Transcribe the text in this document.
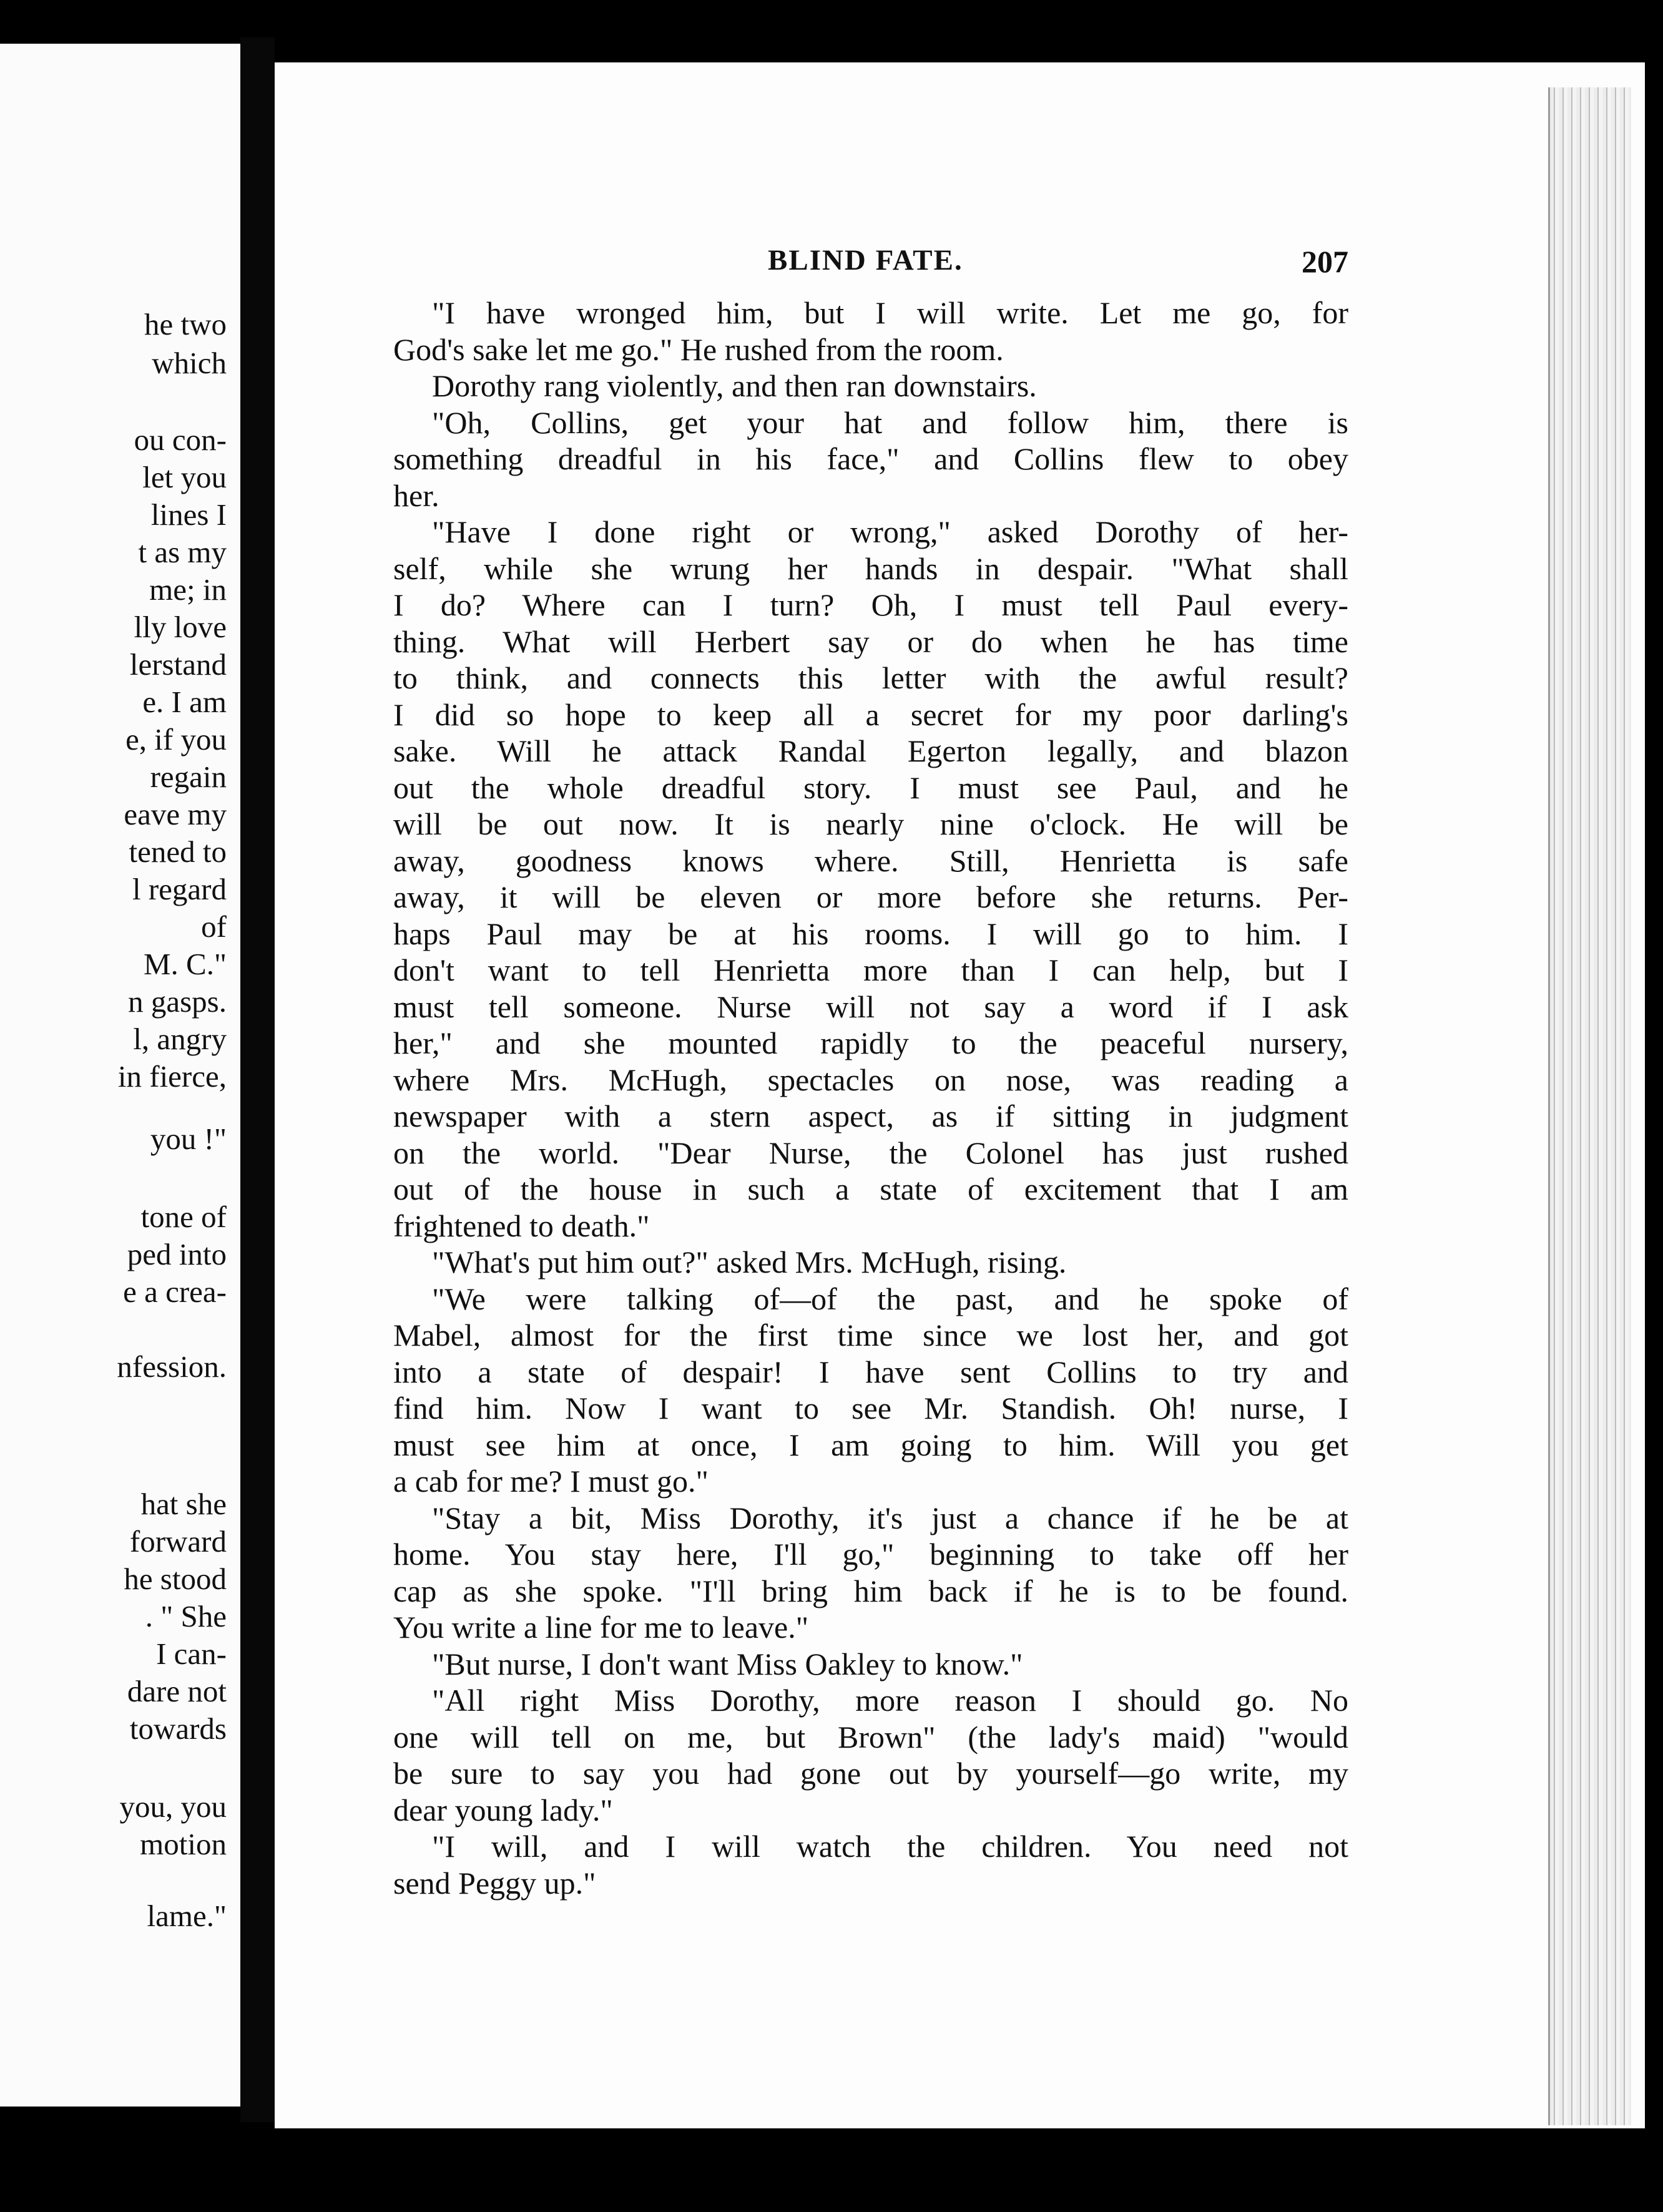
he two
which
ou con-
let you
lines I
t as my
me; in
lly love
lerstand
e. I am
e, if you
regain
eave my
tened to
l regard
of
M. C."
n gasps.
l, angry
in fierce,
you !"
tone of
ped into
e a crea-
nfession.
hat she
forward
he stood
. " She
I can-
dare not
towards
you, you
motion
lame."
BLIND FATE.	207
"I have wronged him, but I will write. Let me go, for
God's sake let me go." He rushed from the room.
Dorothy rang violently, and then ran downstairs.
"Oh, Collins, get your hat and follow him, there is
something dreadful in his face," and Collins flew to obey
her.
"Have I done right or wrong," asked Dorothy of her-
self, while she wrung her hands in despair. "What shall
I do? Where can I turn? Oh, I must tell Paul every-
thing. What will Herbert say or do when he has time
to think, and connects this letter with the awful result?
I did so hope to keep all a secret for my poor darling's
sake. Will he attack Randal Egerton legally, and blazon
out the whole dreadful story. I must see Paul, and he
will be out now. It is nearly nine o'clock. He will be
away, goodness knows where. Still, Henrietta is safe
away, it will be eleven or more before she returns. Per-
haps Paul may be at his rooms. I will go to him. I
don't want to tell Henrietta more than I can help, but I
must tell someone. Nurse will not say a word if I ask
her," and she mounted rapidly to the peaceful nursery,
where Mrs. McHugh, spectacles on nose, was reading a
newspaper with a stern aspect, as if sitting in judgment
on the world. "Dear Nurse, the Colonel has just rushed
out of the house in such a state of excitement that I am
frightened to death."
"What's put him out?" asked Mrs. McHugh, rising.
"We were talking of—of the past, and he spoke of
Mabel, almost for the first time since we lost her, and got
into a state of despair! I have sent Collins to try and
find him. Now I want to see Mr. Standish. Oh! nurse, I
must see him at once, I am going to him. Will you get
a cab for me? I must go."
"Stay a bit, Miss Dorothy, it's just a chance if he be at
home. You stay here, I'll go," beginning to take off her
cap as she spoke. "I'll bring him back if he is to be found.
You write a line for me to leave."
"But nurse, I don't want Miss Oakley to know."
"All right Miss Dorothy, more reason I should go. No
one will tell on me, but Brown" (the lady's maid) "would
be sure to say you had gone out by yourself—go write, my
dear young lady."
"I will, and I will watch the children. You need not
send Peggy up."
